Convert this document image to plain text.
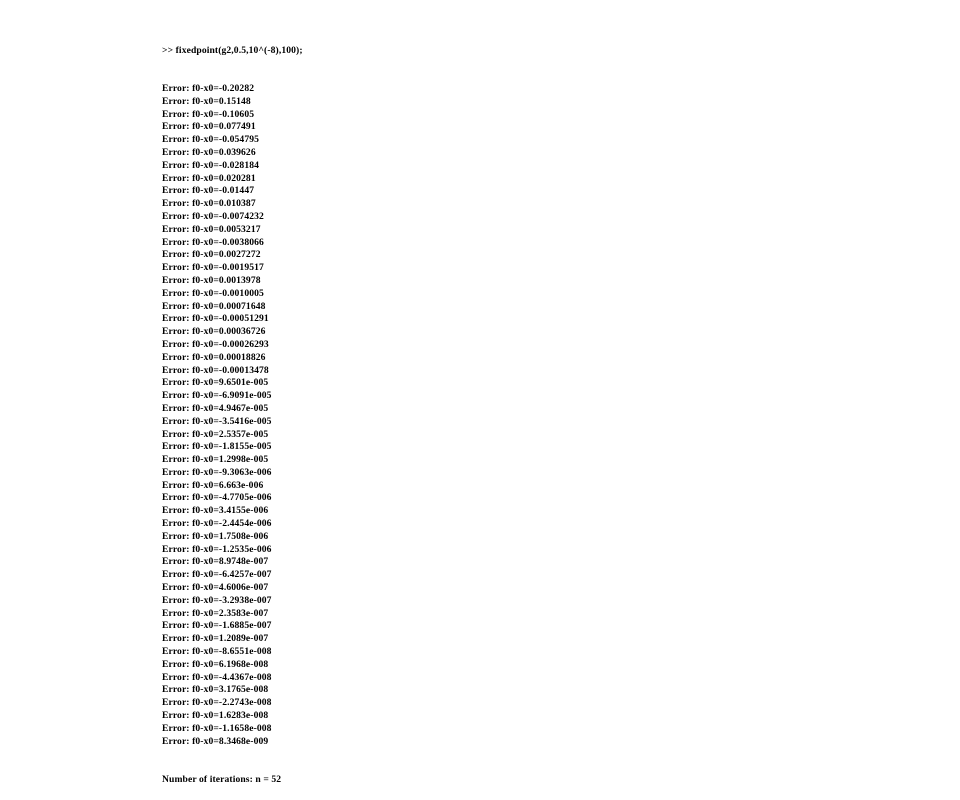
>> fixedpoint(g2,0.5,10^(-8),100);

Error: f0-x0=-0.20282
Error: f0-x0=0.15148
Error: f0-x0=-0.10605
Error: f0-x0=0.077491
Error: f0-x0=-0.054795
Error: f0-x0=0.039626
Error: f0-x0=-0.028184
Error: f0-x0=0.020281
Error: f0-x0=-0.01447
Error: f0-x0=0.010387
Error: f0-x0=-0.0074232
Error: f0-x0=0.0053217
Error: f0-x0=-0.0038066
Error: f0-x0=0.0027272
Error: f0-x0=-0.0019517
Error: f0-x0=0.0013978
Error: f0-x0=-0.0010005
Error: f0-x0=0.00071648
Error: f0-x0=-0.00051291
Error: f0-x0=0.00036726
Error: f0-x0=-0.00026293
Error: f0-x0=0.00018826
Error: f0-x0=-0.00013478
Error: f0-x0=9.6501e-005
Error: f0-x0=-6.9091e-005
Error: f0-x0=4.9467e-005
Error: f0-x0=-3.5416e-005
Error: f0-x0=2.5357e-005
Error: f0-x0=-1.8155e-005
Error: f0-x0=1.2998e-005
Error: f0-x0=-9.3063e-006
Error: f0-x0=6.663e-006
Error: f0-x0=-4.7705e-006
Error: f0-x0=3.4155e-006
Error: f0-x0=-2.4454e-006
Error: f0-x0=1.7508e-006
Error: f0-x0=-1.2535e-006
Error: f0-x0=8.9748e-007
Error: f0-x0=-6.4257e-007
Error: f0-x0=4.6006e-007
Error: f0-x0=-3.2938e-007
Error: f0-x0=2.3583e-007
Error: f0-x0=-1.6885e-007
Error: f0-x0=1.2089e-007
Error: f0-x0=-8.6551e-008
Error: f0-x0=6.1968e-008
Error: f0-x0=-4.4367e-008
Error: f0-x0=3.1765e-008
Error: f0-x0=-2.2743e-008
Error: f0-x0=1.6283e-008
Error: f0-x0=-1.1658e-008
Error: f0-x0=8.3468e-009

Number of iterations: n = 52
